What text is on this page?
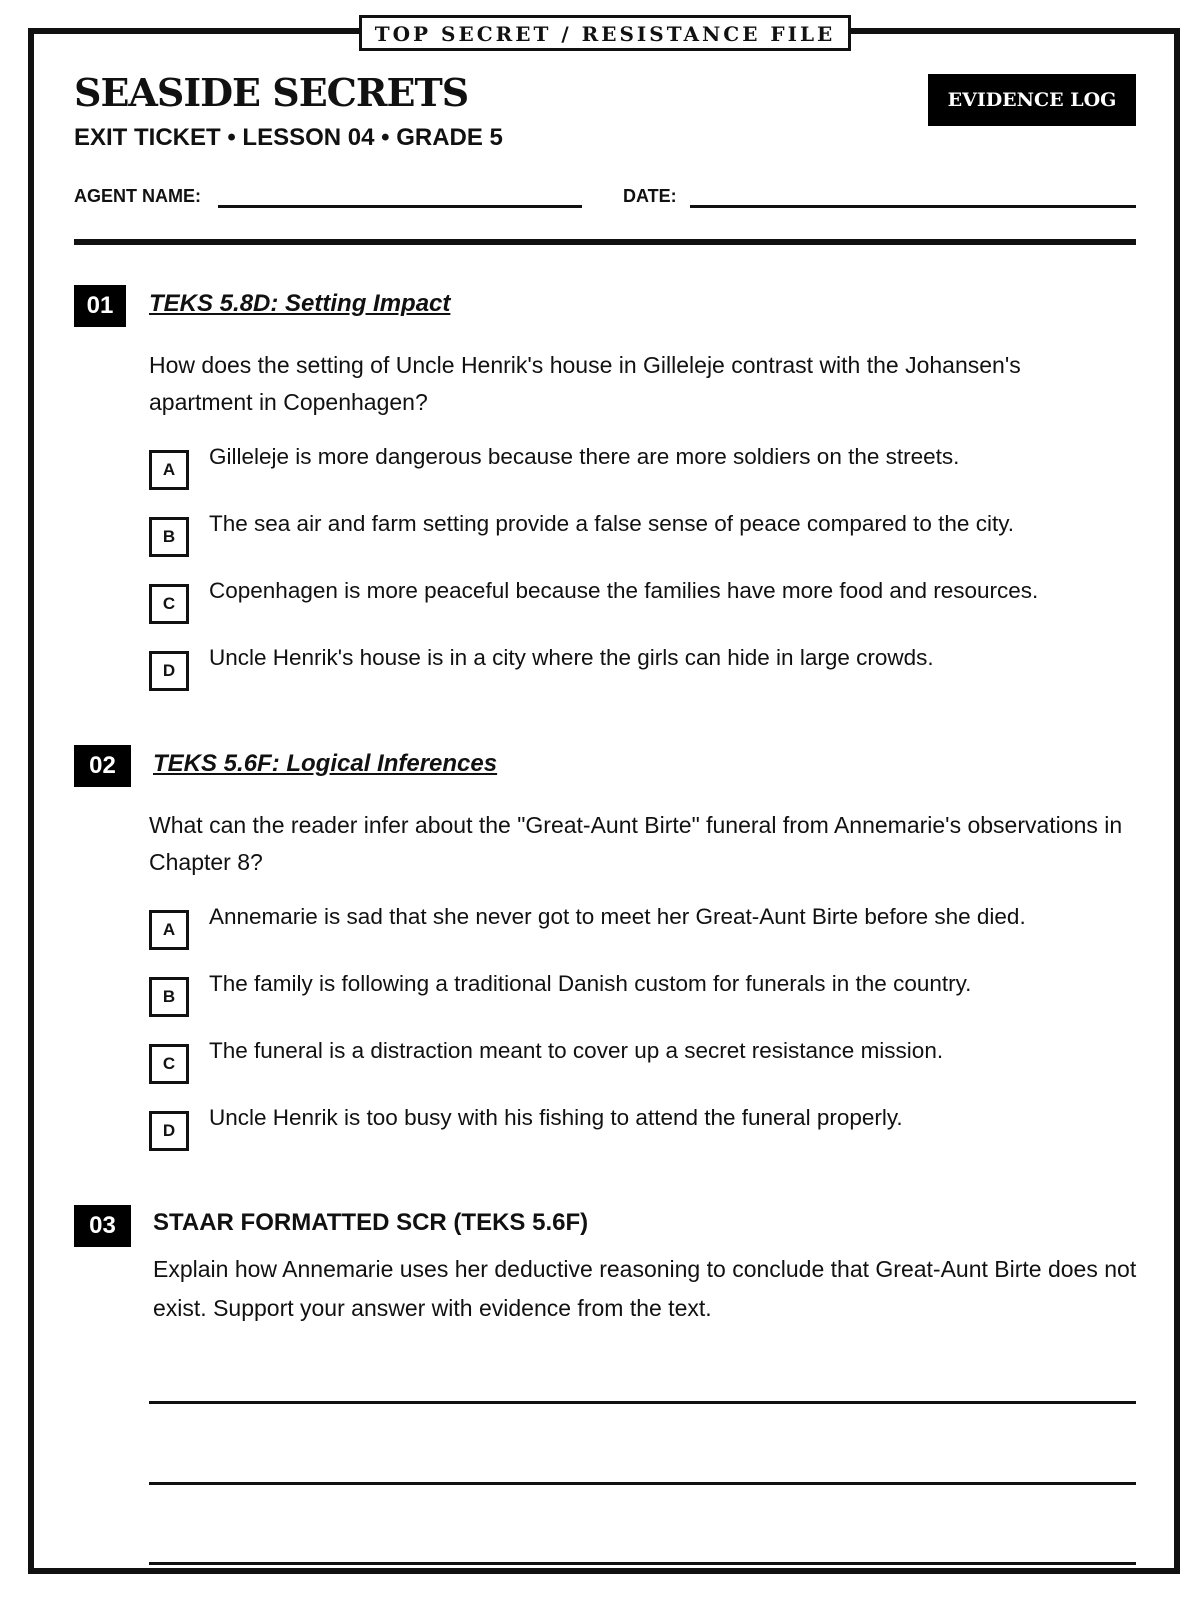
TOP SECRET / RESISTANCE FILE
SEASIDE SECRETS
EXIT TICKET • LESSON 04 • GRADE 5
EVIDENCE LOG
AGENT NAME:	DATE:
01	TEKS 5.8D: Setting Impact
How does the setting of Uncle Henrik's house in Gilleleje contrast with the Johansen's apartment in Copenhagen?
A
Gilleleje is more dangerous because there are more soldiers on the streets.
B
The sea air and farm setting provide a false sense of peace compared to the city.
C
Copenhagen is more peaceful because the families have more food and resources.
D
Uncle Henrik's house is in a city where the girls can hide in large crowds.
02	TEKS 5.6F: Logical Inferences
What can the reader infer about the "Great-Aunt Birte" funeral from Annemarie's observations in Chapter 8?
A
Annemarie is sad that she never got to meet her Great-Aunt Birte before she died.
B
The family is following a traditional Danish custom for funerals in the country.
C
The funeral is a distraction meant to cover up a secret resistance mission.
D
Uncle Henrik is too busy with his fishing to attend the funeral properly.
03	STAAR FORMATTED SCR (TEKS 5.6F)
Explain how Annemarie uses her deductive reasoning to conclude that Great-Aunt Birte does not exist. Support your answer with evidence from the text.
